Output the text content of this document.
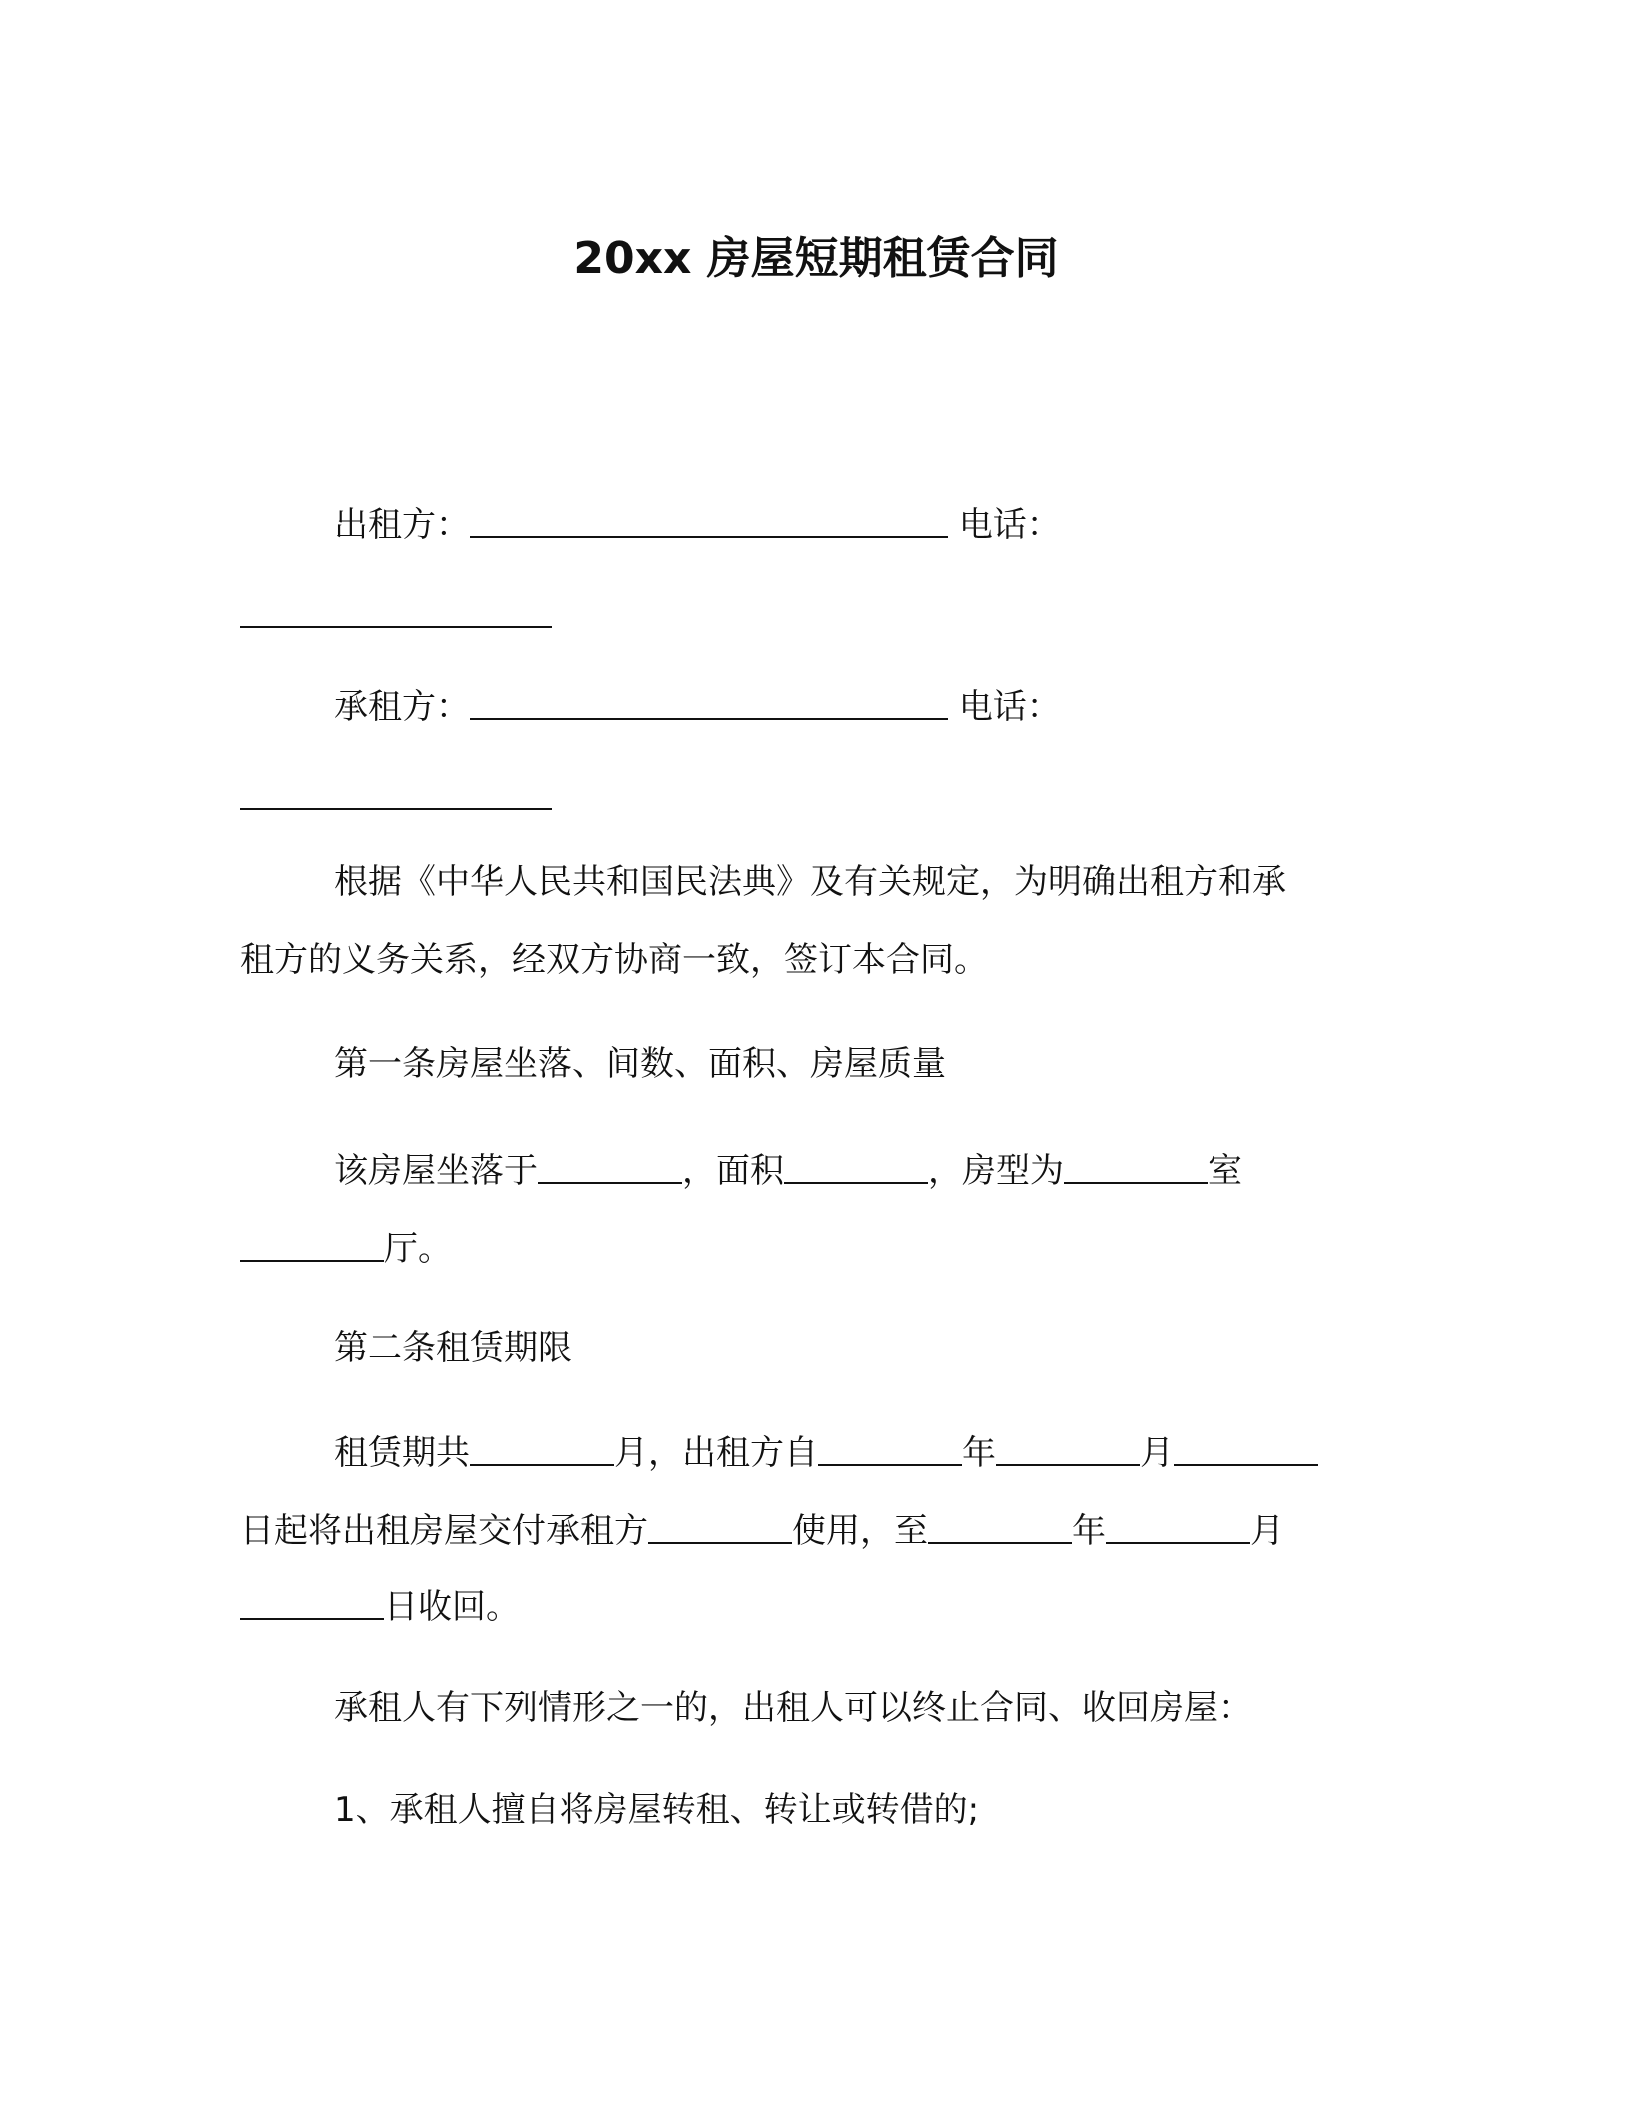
20xx 房屋短期租赁合同
出租方：	电话：
承租方：	电话：
根据《中华人民共和国民法典》及有关规定，为明确出租方和承
租方的义务关系，经双方协商一致，签订本合同。
第一条房屋坐落、间数、面积、房屋质量
该房屋坐落于	，面积	，房型为	室
厅。
第二条租赁期限
租赁期共	月，出租方自	年	月
日起将出租房屋交付承租方	使用，至	年	月
日收回。
承租人有下列情形之一的，出租人可以终止合同、收回房屋：
1、承租人擅自将房屋转租、转让或转借的;
